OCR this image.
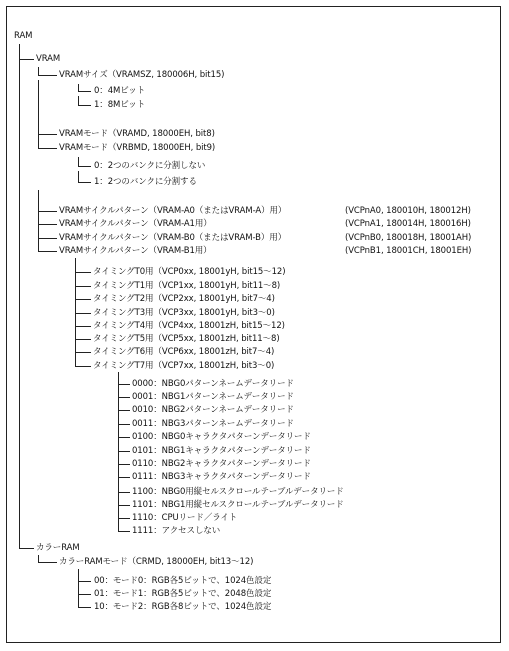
RAM
VRAM
VRAMサイズ（VRAMSZ, 180006H, bit15)
0：4Mビット
1：8Mビット
VRAMモード（VRAMD, 18000EH, bit8)
VRAMモード（VRBMD, 18000EH, bit9)
0：2つのバンクに分割しない
1：2つのバンクに分割する
VRAMサイクルパターン（VRAM-A0（またはVRAM-A）用）	(VCPnA0, 180010H, 180012H)
VRAMサイクルパターン（VRAM-A1用）	(VCPnA1, 180014H, 180016H)
VRAMサイクルパターン（VRAM-B0（またはVRAM-B）用）	(VCPnB0, 180018H, 18001AH)
VRAMサイクルパターン（VRAM-B1用）	(VCPnB1, 18001CH, 18001EH)
タイミングT0用（VCP0xx, 18001yH, bit15～12)
タイミングT1用（VCP1xx, 18001yH, bit11～8)
タイミングT2用（VCP2xx, 18001yH, bit7～4)
タイミングT3用（VCP3xx, 18001yH, bit3～0)
タイミングT4用（VCP4xx, 18001zH, bit15～12)
タイミングT5用（VCP5xx, 18001zH, bit11～8)
タイミングT6用（VCP6xx, 18001zH, bit7～4)
タイミングT7用（VCP7xx, 18001zH, bit3～0)
0000：NBG0パターンネームデータリード
0001：NBG1パターンネームデータリード
0010：NBG2パターンネームデータリード
0011：NBG3パターンネームデータリード
0100：NBG0キャラクタパターンデータリード
0101：NBG1キャラクタパターンデータリード
0110：NBG2キャラクタパターンデータリード
0111：NBG3キャラクタパターンデータリード
1100：NBG0用縦セルスクロールテーブルデータリード
1101：NBG1用縦セルスクロールテーブルデータリード
1110：CPUリード／ライト
1111：アクセスしない
カラーRAM
カラーRAMモード（CRMD, 18000EH, bit13～12)
00：モード0：RGB各5ビットで、1024色設定
01：モード1：RGB各5ビットで、2048色設定
10：モード2：RGB各8ビットで、1024色設定
